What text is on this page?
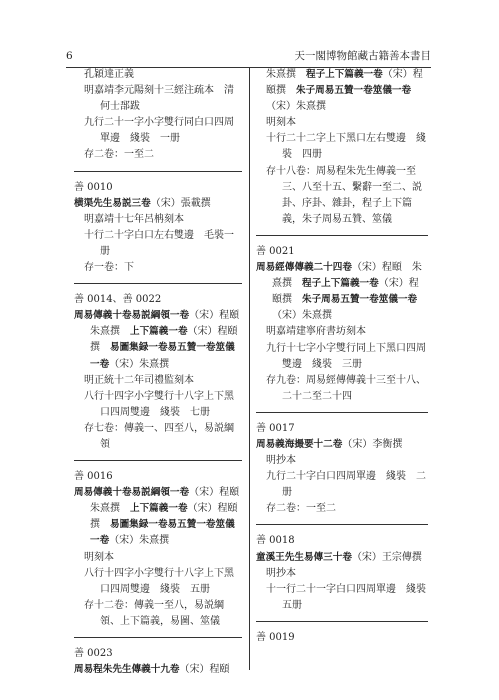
6	天一閣博物館藏古籍善本書目

孔穎達正義

明嘉靖李元陽刻十三經注疏本　清何士郚跋

九行二十一字小字雙行同白口四周單邊　綫裝　一册

存二卷：一至二

善 0010

横渠先生易説三卷（宋）張載撰

明嘉靖十七年呂柟刻本

十行二十字白口左右雙邊　毛裝一册

存一卷：下

善 0014、善 0022

周易傳義十卷易説綱領一卷（宋）程頤　朱熹撰　上下篇義一卷（宋）程頤撰　易圖集録一卷易五贊一卷筮儀一卷（宋）朱熹撰

明正統十二年司禮監刻本

八行十四字小字雙行十八字上下黑口四周雙邊　綫裝　七册

存七卷：傳義一、四至八，易説綱領

善 0016

周易傳義十卷易説綱領一卷（宋）程頤　朱熹撰　上下篇義一卷（宋）程頤撰　易圖集録一卷易五贊一卷筮儀一卷（宋）朱熹撰

明刻本

八行十四字小字雙行十八字上下黑口四周雙邊　綫裝　五册

存十二卷：傳義一至八，易説綱領、上下篇義，易圖、筮儀

善 0023

周易程朱先生傳義十九卷（宋）程頤

朱熹撰　程子上下篇義一卷（宋）程頤撰　朱子周易五贊一卷筮儀一卷（宋）朱熹撰

明刻本

十行二十二字上下黑口左右雙邊　綫裝　四册

存十八卷：周易程朱先生傳義一至三、八至十五、繫辭一至二、説卦、序卦、雜卦，程子上下篇義，朱子周易五贊、筮儀

善 0021

周易經傳傳義二十四卷（宋）程頤　朱熹撰　程子上下篇義一卷（宋）程頤撰　朱子周易五贊一卷筮儀一卷（宋）朱熹撰

明嘉靖建寧府書坊刻本

九行十七字小字雙行同上下黑口四周雙邊　綫裝　三册

存九卷：周易經傳傳義十三至十八、二十二至二十四

善 0017

周易義海撮要十二卷（宋）李衡撰

明抄本

九行二十字白口四周單邊　綫裝　二册

存二卷：一至二

善 0018

童溪王先生易傳三十卷（宋）王宗傳撰

明抄本

十一行二十一字白口四周單邊　綫裝五册

善 0019
